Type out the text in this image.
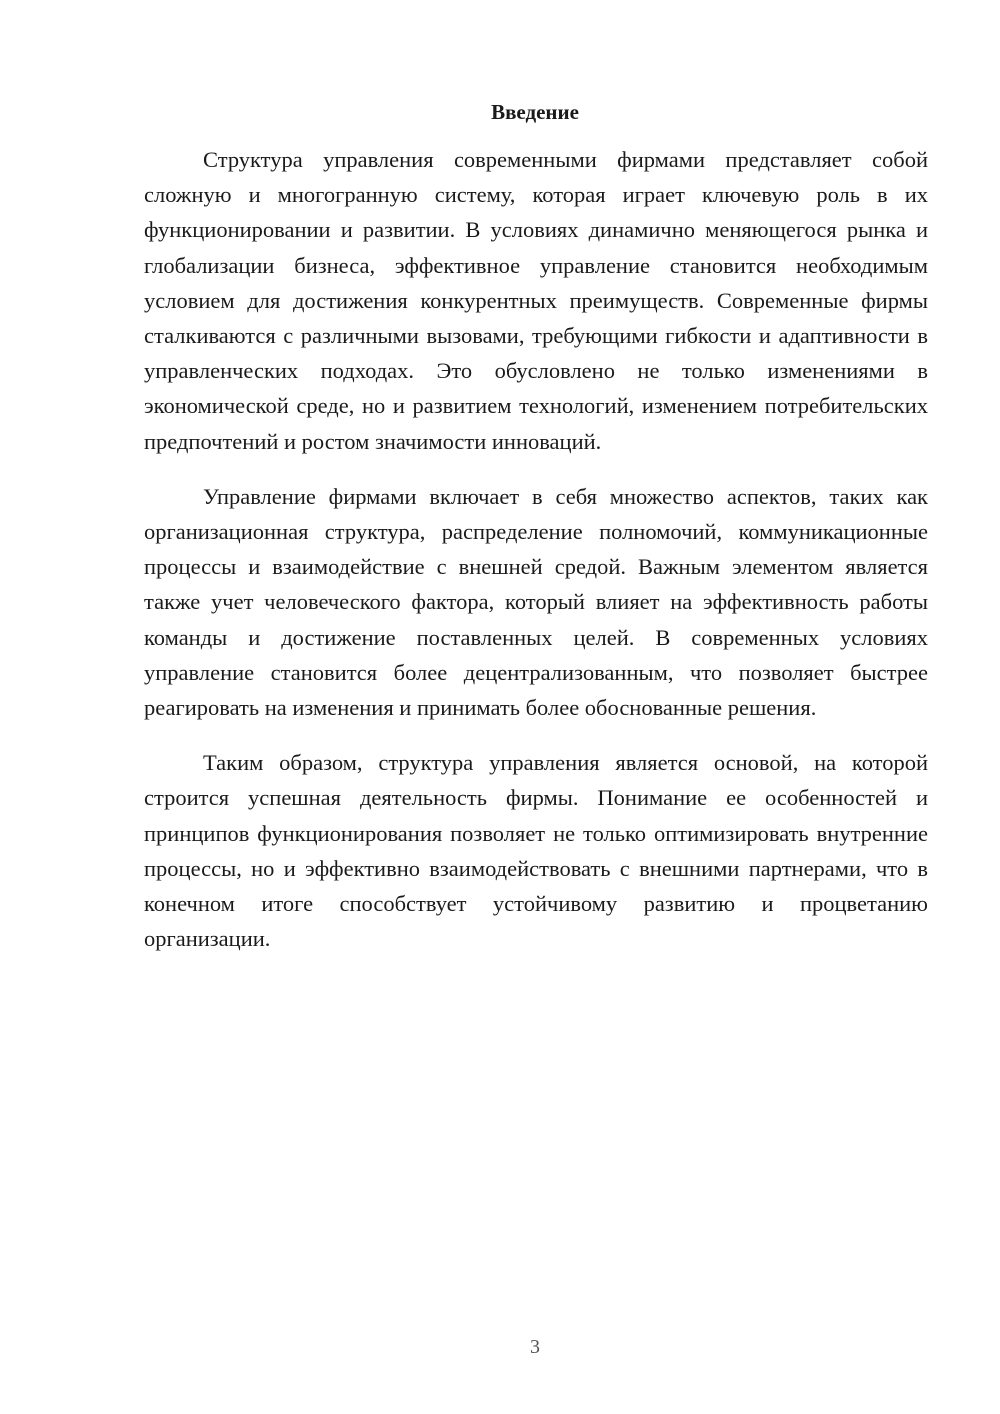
Введение

Структура управления современными фирмами представляет собой сложную и многогранную систему, которая играет ключевую роль в их функционировании и развитии. В условиях динамично меняющегося рынка и глобализации бизнеса, эффективное управление становится необходимым условием для достижения конкурентных преимуществ. Современные фирмы сталкиваются с различными вызовами, требующими гибкости и адаптивности в управленческих подходах. Это обусловлено не только изменениями в экономической среде, но и развитием технологий, изменением потребительских предпочтений и ростом значимости инноваций.

Управление фирмами включает в себя множество аспектов, таких как организационная структура, распределение полномочий, коммуникационные процессы и взаимодействие с внешней средой. Важным элементом является также учет человеческого фактора, который влияет на эффективность работы команды и достижение поставленных целей. В современных условиях управление становится более децентрализованным, что позволяет быстрее реагировать на изменения и принимать более обоснованные решения.

Таким образом, структура управления является основой, на которой строится успешная деятельность фирмы. Понимание ее особенностей и принципов функционирования позволяет не только оптимизировать внутренние процессы, но и эффективно взаимодействовать с внешними партнерами, что в конечном итоге способствует устойчивому развитию и процветанию организации.

3
